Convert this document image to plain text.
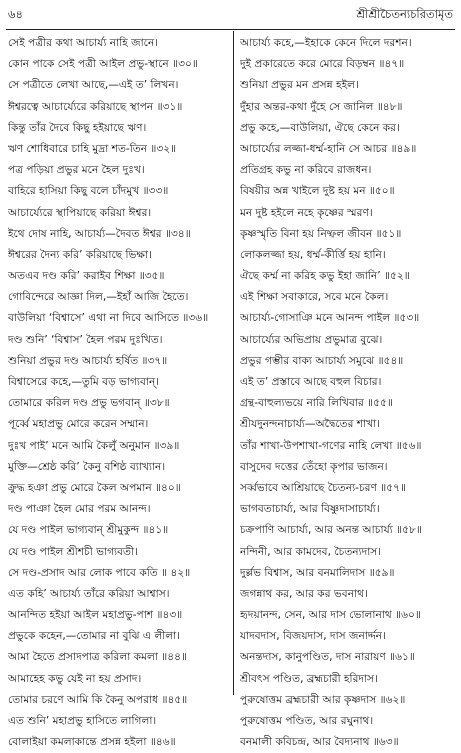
৬৪	শ্রীশ্রীচৈতন্যচরিতামৃত
সেই পত্রীর কথা আচার্য্য নাহি জানে।
কোন পাকে সেই পত্রী আইল প্রভু-স্থানে ॥৩০॥
সে পত্রীতে লেখা আছে,—এই ত’ লিখন।
ঈশ্বরত্বে আচার্য্যেরে করিয়াছে স্থাপন ॥৩১॥
কিন্তু তাঁর দৈবে কিছু হইয়াছে ঋণ।
ঋণ শোধিবারে চাহি মুদ্রা শত-তিন ॥৩২॥
পত্র পড়িয়া প্রভুর মনে হৈল দুঃখ।
বাহিরে হাসিয়া কিছু বলে চাঁদমুখ ॥৩৩॥
আচার্য্যেরে স্থাপিয়াছে করিয়া ঈশ্বর।
ইথে দোষ নাহি, আচার্য্য—দৈবত ঈশ্বর ॥৩৪॥
ঈশ্বরের দৈন্য করি’ করিয়াছে ভিক্ষা।
অতএব দণ্ড করি’ করাইব শিক্ষা ॥৩৫॥
গোবিন্দেরে আজ্ঞা দিল,—ইহাঁ আজি হৈতে।
বাউলিয়া ‘বিশ্বাসে’ এথা না দিবে আসিতে ॥৩৬॥
দণ্ড শুনি’ ‘বিশ্বাস’ হৈল পরম দুঃখিত।
শুনিয়া প্রভুর দণ্ড আচার্য্য হর্ষিত ॥৩৭॥
বিশ্বাসেরে কহে,—তুমি বড় ভাগ্যবান্।
তোমারে করিল দণ্ড প্রভু ভগবান্ ॥৩৮॥
পূর্ব্বে মহাপ্রভু মোরে করেন সম্মান।
দুঃখ পাই’ মনে আমি কৈলুঁ অনুমান ॥৩৯॥
মুক্তি—শ্রেষ্ঠ করি’ কৈনু বশিষ্ঠ ব্যাখ্যান।
ক্রুদ্ধ হঞা প্রভু মোরে কৈল অপমান ॥৪০॥
দণ্ড পাঞা হৈল মোর পরম আনন্দ।
যে দণ্ড পাইল ভাগ্যবান্ শ্রীমুকুন্দ ॥৪১॥
যে দণ্ড পাইল শ্রীশচী ভাগ্যবতী।
সে দণ্ড-প্রসাদ আর লোক পাবে কতি ॥ ৪২॥
এত কহি’ আচার্য্য তাঁরে করিয়া আশ্বাস।
আনন্দিত হইয়া আইল মহাপ্রভু-পাশ ॥৪৩॥
প্রভুকে কহেন,—তোমার না বুঝি এ লীলা।
আমা হৈতে প্রসাদপাত্র করিলা কমলা ॥৪৪॥
আমাহেহ কভু যেই না হয় প্রসাদ।
তোমার চরণে আমি কি কৈনু অপরাধ ॥৪৫॥
এত শুনি’ মহাপ্রভু হাসিতে লাগিলা।
বোলাইয়া কমলাকান্তে প্রসন্ন হইলা ॥৪৬॥
আচার্য্য কহে,—ইহাকে কেনে দিলে দরশন।
দুই প্রকারেতে করে মোরে বিড়ম্বন ॥৪৭॥
শুনিয়া প্রভুর মন প্রসন্ন হইল।
দুঁহার অন্তর-কথা দুঁহে সে জানিল ॥৪৮॥
প্রভু কহে,—বাউলিয়া, ঐছে কেনে কর।
আচার্য্যের লজ্জা-ধর্ম্ম-হানি সে আচর ॥৪৯॥
প্রতিগ্রহ কভু না করিবে রাজধন।
বিষয়ীর অন্ন খাইলে দুষ্ট হয় মন ॥৫০॥
মন দুষ্ট হইলে নহে কৃষ্ণের স্মরণ।
কৃষ্ণস্মৃতি বিনা হয় নিষ্ফল জীবন ॥৫১॥
লোকলজ্জা হয়, ধর্ম্ম-কীর্ত্তি হয় হানি।
ঐছে কর্ম্ম না করিহ কভু ইহা জানি’ ॥৫২॥
এই শিক্ষা সবাকারে, সবে মনে কৈল।
আচার্য্য-গোসাঞি মনে আনন্দ পাইল ॥৫৩॥
আচার্য্যের অভিপ্রায় প্রভুমাত্র বুঝে।
প্রভুর গম্ভীর বাক্য আচার্য্য সমুঝে ॥৫৪॥
এই ত’ প্রস্তাবে আছে বহুল বিচার।
গ্রন্থ-বাহুল্যভয়ে নারি লিখিবার ॥৫৫॥
শ্রীযদুনন্দনাচার্য্য—অদ্বৈতের শাখা।
তাঁর শাখা-উপশাখা-গণের নাহি লেখা ॥৫৬॥
বাসুদেব দত্তের তেঁহো কৃপার ভাজন।
সর্ব্বভাবে আশ্রিয়াছে চৈতন্য-চরণ ॥৫৭॥
ভাগবতাচার্য্য, আর বিষ্ণুদাসাচার্য্য।
চক্রপাণি আচার্য্য, আর অনন্ত আচার্য্য ॥৫৮॥
নন্দিনী, আর কামদেব, চৈতন্যদাস।
দুর্ল্লভ বিশ্বাস, আর বনমালিদাস ॥৫৯॥
জগন্নাথ কর, আর কর ভবনাথ।
হৃদয়ানন্দ, সেন, আর দাস ভোলানাথ ॥৬০॥
যাদবদাস, বিজয়দাস, দাস জনার্দ্দন।
অনন্তদাস, কানুপণ্ডিত, দাস নারায়ণ ॥৬১॥
শ্রীবৎস পণ্ডিত, ব্রহ্মচারী হরিদাস।
পুরুষোত্তম ব্রহ্মচারী আর কৃষ্ণদাস ॥৬২॥
পুরুষোত্তম পণ্ডিত, আর রঘুনাথ।
বনমালী কবিচন্দ্র, আর বৈদ্যনাথ ॥৬৩॥
